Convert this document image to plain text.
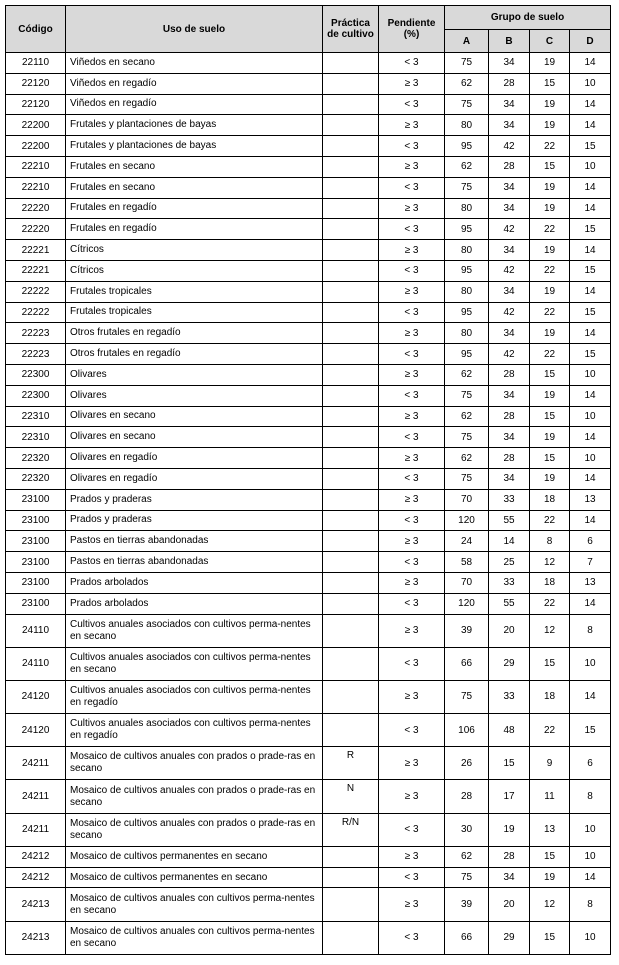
Código	Uso de suelo	Práctica de cultivo	Pendiente (%)	Grupo de suelo			
				A	B	C	D
22110	Viñedos en secano		< 3	75	34	19	14
22120	Viñedos en regadío		≥ 3	62	28	15	10
22120	Viñedos en regadío		< 3	75	34	19	14
22200	Frutales y plantaciones de bayas		≥ 3	80	34	19	14
22200	Frutales y plantaciones de bayas		< 3	95	42	22	15
22210	Frutales en secano		≥ 3	62	28	15	10
22210	Frutales en secano		< 3	75	34	19	14
22220	Frutales en regadío		≥ 3	80	34	19	14
22220	Frutales en regadío		< 3	95	42	22	15
22221	Cítricos		≥ 3	80	34	19	14
22221	Cítricos		< 3	95	42	22	15
22222	Frutales tropicales		≥ 3	80	34	19	14
22222	Frutales tropicales		< 3	95	42	22	15
22223	Otros frutales en regadío		≥ 3	80	34	19	14
22223	Otros frutales en regadío		< 3	95	42	22	15
22300	Olivares		≥ 3	62	28	15	10
22300	Olivares		< 3	75	34	19	14
22310	Olivares en secano		≥ 3	62	28	15	10
22310	Olivares en secano		< 3	75	34	19	14
22320	Olivares en regadío		≥ 3	62	28	15	10
22320	Olivares en regadío		< 3	75	34	19	14
23100	Prados y praderas		≥ 3	70	33	18	13
23100	Prados y praderas		< 3	120	55	22	14
23100	Pastos en tierras abandonadas		≥ 3	24	14	8	6
23100	Pastos en tierras abandonadas		< 3	58	25	12	7
23100	Prados arbolados		≥ 3	70	33	18	13
23100	Prados arbolados		< 3	120	55	22	14
24110	Cultivos anuales asociados con cultivos perma-nentes en secano		≥ 3	39	20	12	8
24110	Cultivos anuales asociados con cultivos perma-nentes en secano		< 3	66	29	15	10
24120	Cultivos anuales asociados con cultivos perma-nentes en regadío		≥ 3	75	33	18	14
24120	Cultivos anuales asociados con cultivos perma-nentes en regadío		< 3	106	48	22	15
24211	Mosaico de cultivos anuales con prados o prade-ras en secano	R	≥ 3	26	15	9	6
24211	Mosaico de cultivos anuales con prados o prade-ras en secano	N	≥ 3	28	17	11	8
24211	Mosaico de cultivos anuales con prados o prade-ras en secano	R/N	< 3	30	19	13	10
24212	Mosaico de cultivos permanentes en secano		≥ 3	62	28	15	10
24212	Mosaico de cultivos permanentes en secano		< 3	75	34	19	14
24213	Mosaico de cultivos anuales con cultivos perma-nentes en secano		≥ 3	39	20	12	8
24213	Mosaico de cultivos anuales con cultivos perma-nentes en secano		< 3	66	29	15	10
